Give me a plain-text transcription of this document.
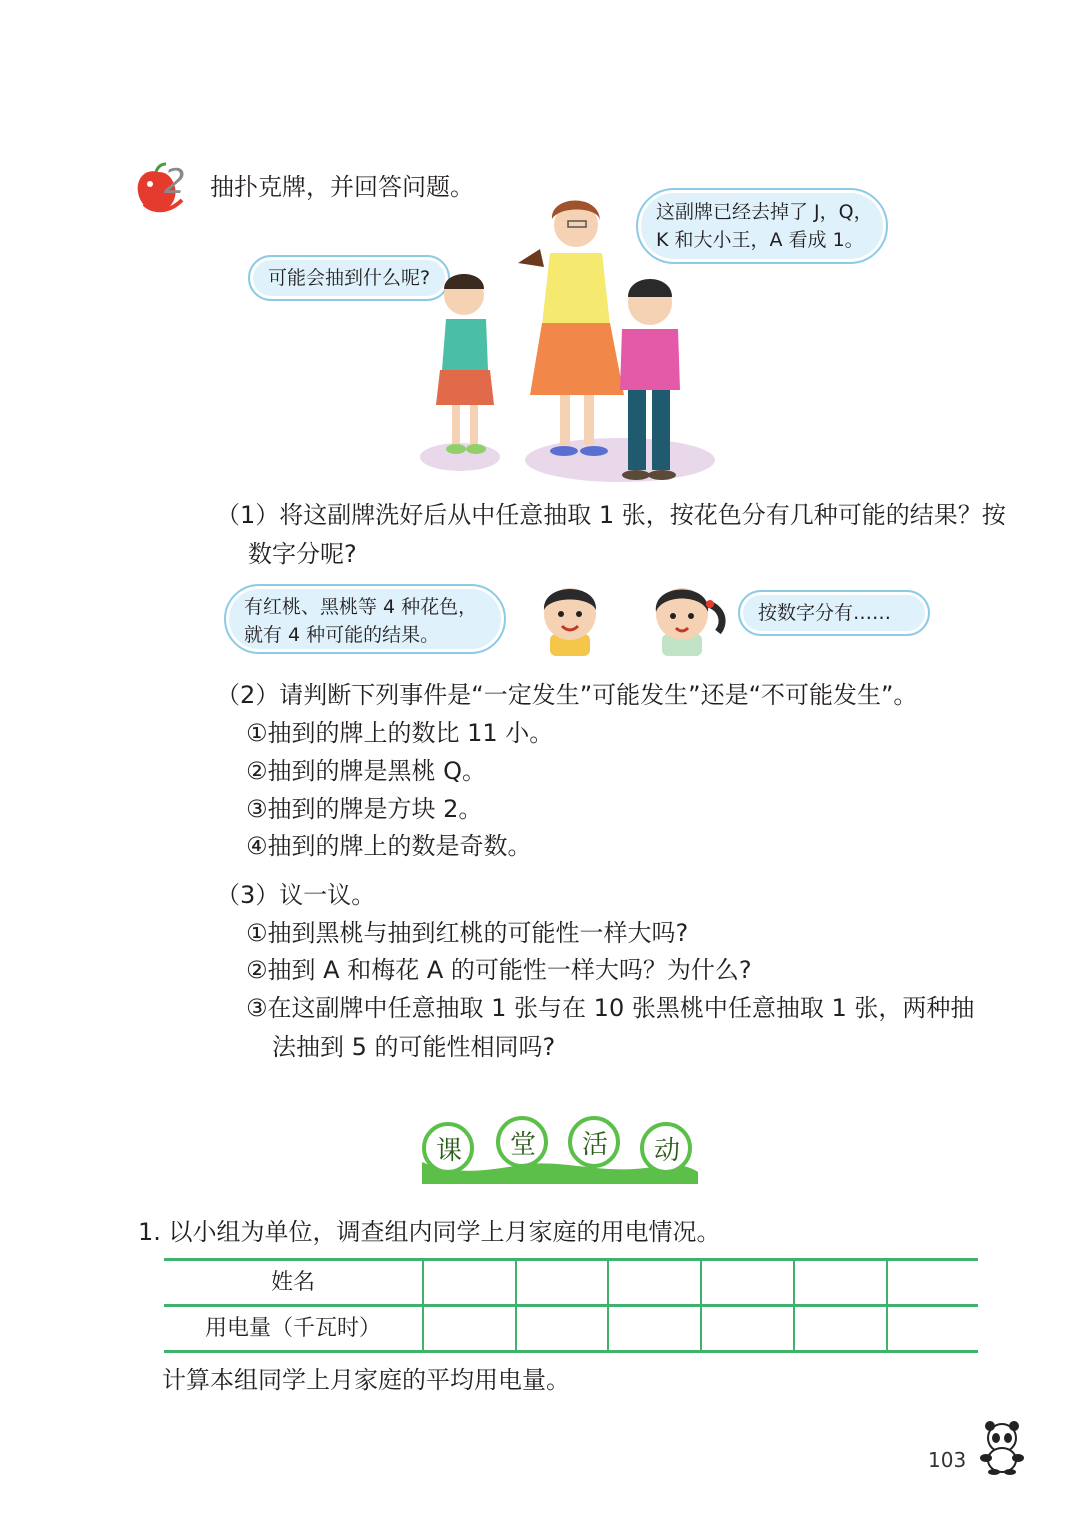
2 抽扑克牌，并回答问题。
可能会抽到什么呢?
这副牌已经去掉了 J，Q，
K 和大小王，A 看成 1。
（1）将这副牌洗好后从中任意抽取 1 张，按花色分有几种可能的结果？按
数字分呢?
有红桃、黑桃等 4 种花色，
就有 4 种可能的结果。
按数字分有……
（2）请判断下列事件是“一定发生”可能发生”还是“不可能发生”。
①抽到的牌上的数比 11 小。
②抽到的牌是黑桃 Q。
③抽到的牌是方块 2。
④抽到的牌上的数是奇数。
（3）议一议。
①抽到黑桃与抽到红桃的可能性一样大吗?
②抽到 A 和梅花 A 的可能性一样大吗？为什么?
③在这副牌中任意抽取 1 张与在 10 张黑桃中任意抽取 1 张，两种抽
法抽到 5 的可能性相同吗?
课 堂 活 动
1. 以小组为单位，调查组内同学上月家庭的用电情况。
姓名
用电量（千瓦时）
计算本组同学上月家庭的平均用电量。
103
